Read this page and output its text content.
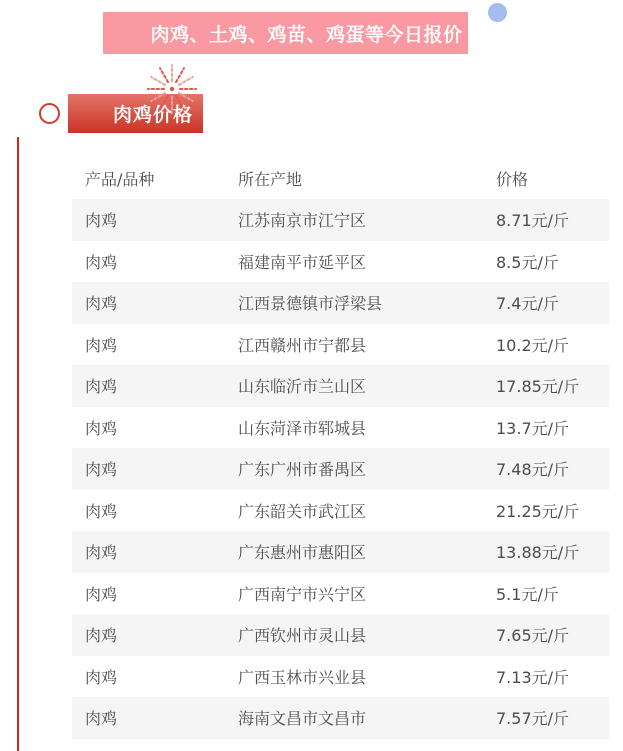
肉鸡、土鸡、鸡苗、鸡蛋等今日报价
肉鸡价格
产品/品种	所在产地	价格
肉鸡	江苏南京市江宁区	8.71元/斤
肉鸡	福建南平市延平区	8.5元/斤
肉鸡	江西景德镇市浮梁县	7.4元/斤
肉鸡	江西赣州市宁都县	10.2元/斤
肉鸡	山东临沂市兰山区	17.85元/斤
肉鸡	山东菏泽市郓城县	13.7元/斤
肉鸡	广东广州市番禺区	7.48元/斤
肉鸡	广东韶关市武江区	21.25元/斤
肉鸡	广东惠州市惠阳区	13.88元/斤
肉鸡	广西南宁市兴宁区	5.1元/斤
肉鸡	广西钦州市灵山县	7.65元/斤
肉鸡	广西玉林市兴业县	7.13元/斤
肉鸡	海南文昌市文昌市	7.57元/斤
